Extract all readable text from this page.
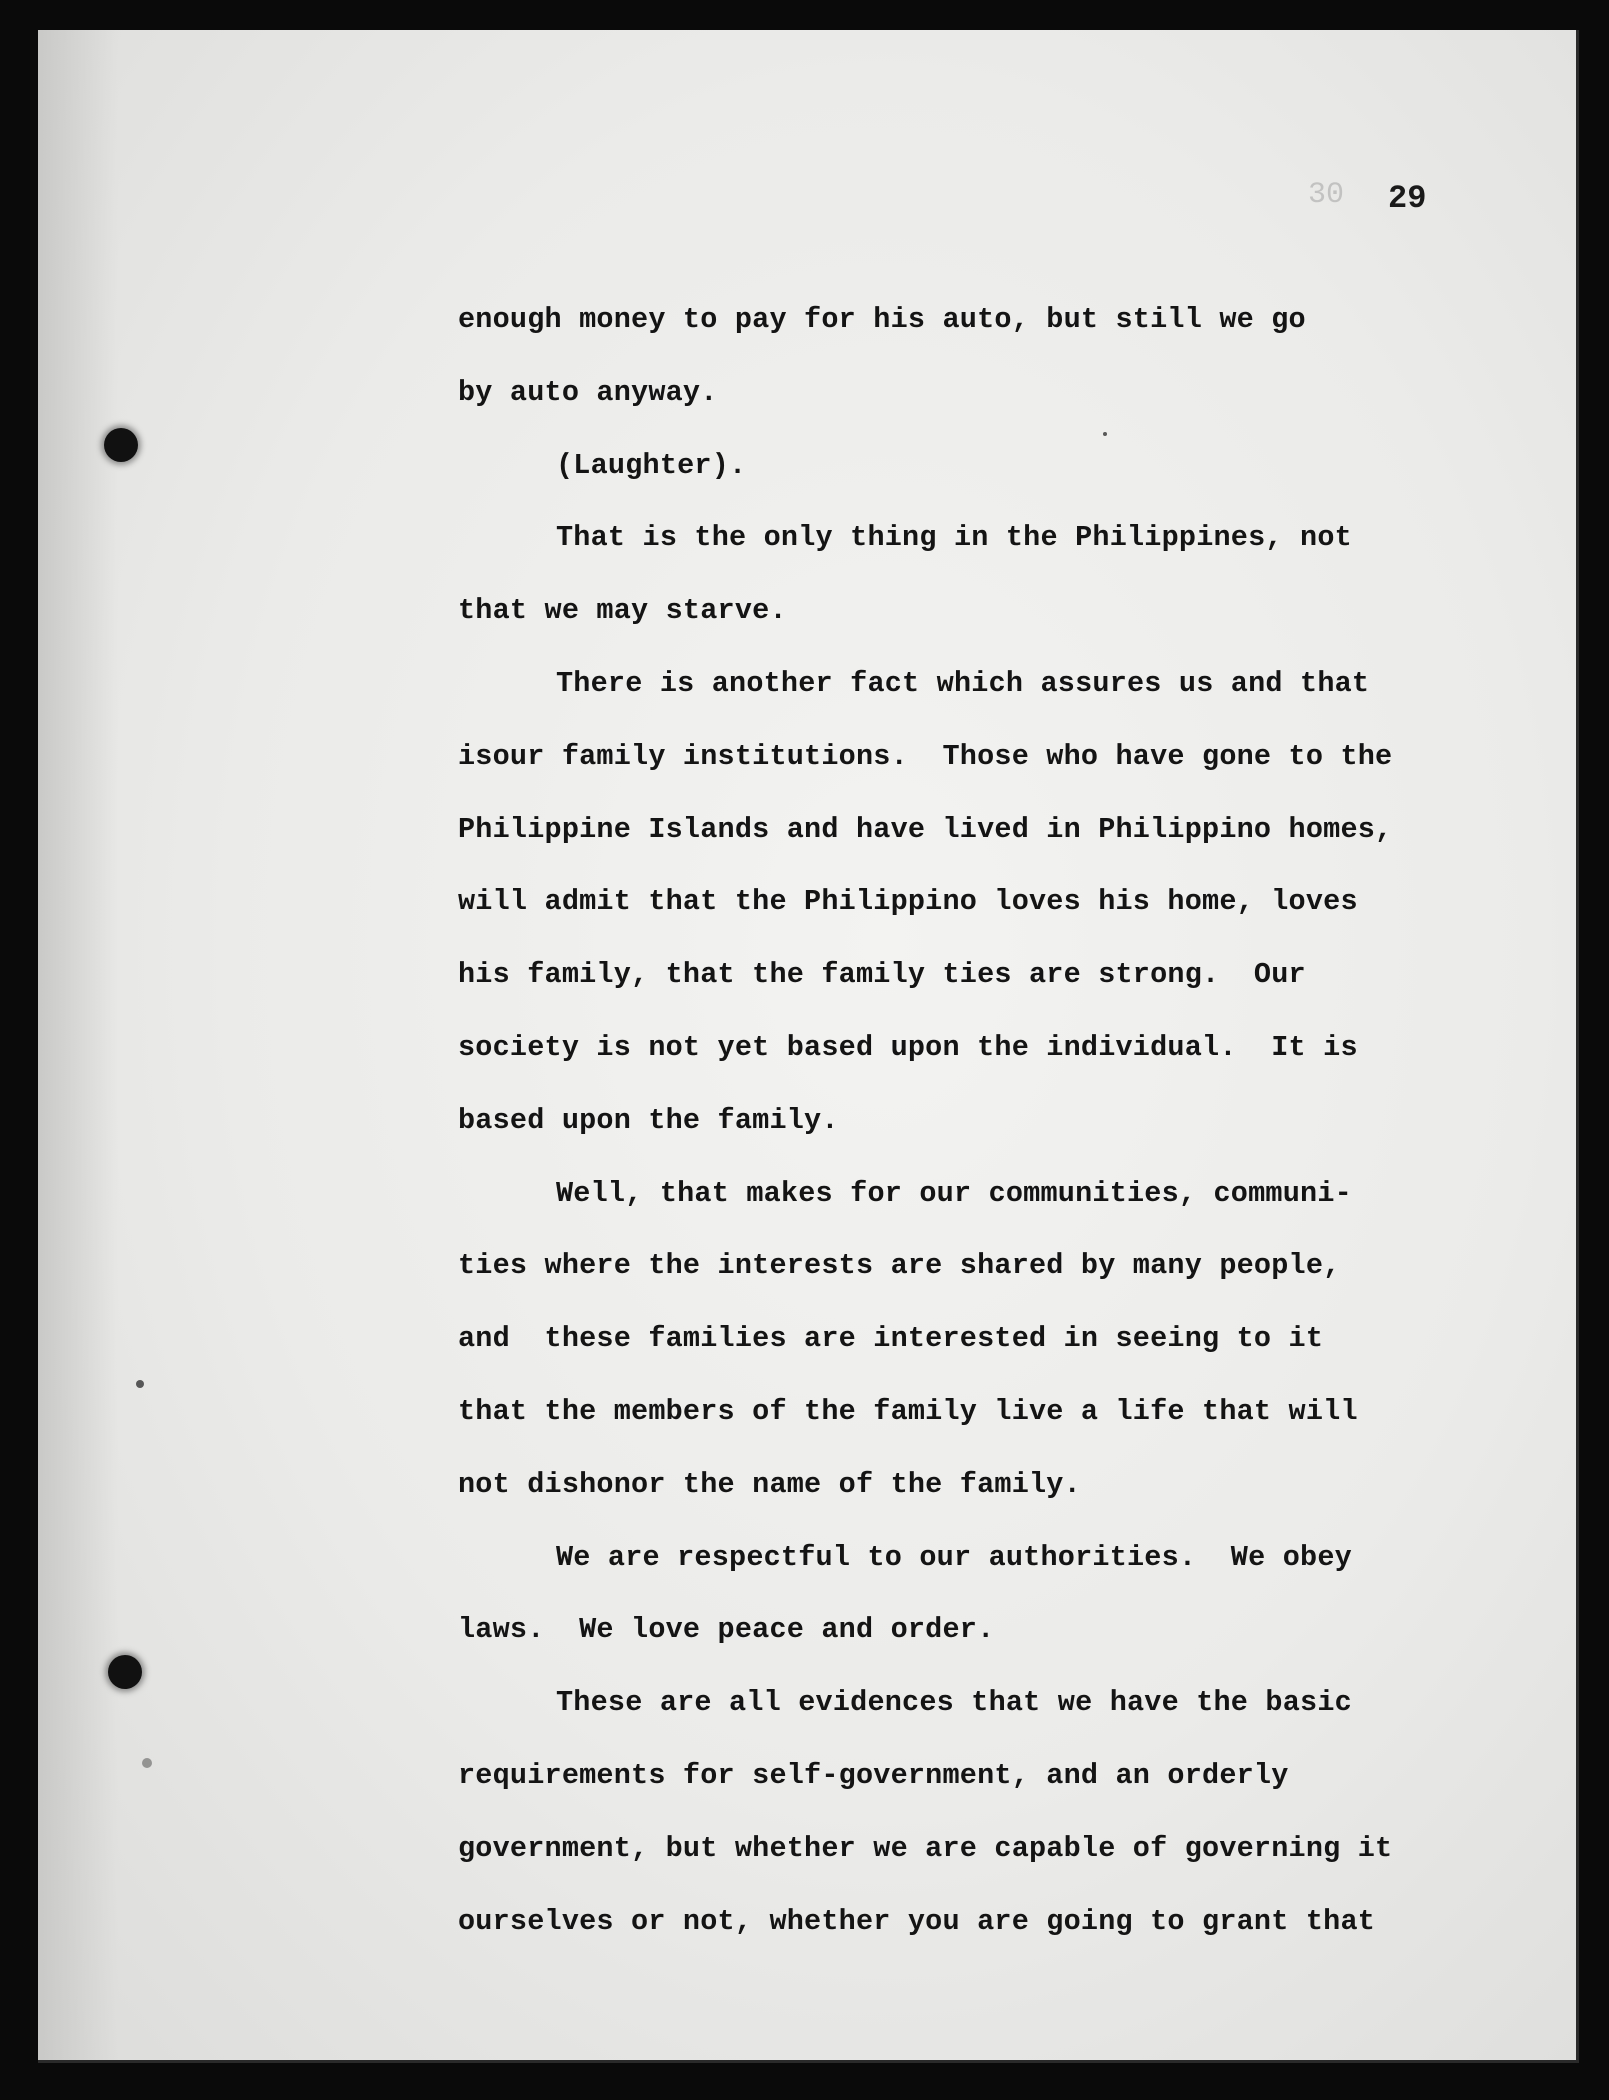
30 29
enough money to pay for his auto, but still we go
by auto anyway.
(Laughter).
That is the only thing in the Philippines, not
that we may starve.
There is another fact which assures us and that
isour family institutions.  Those who have gone to the
Philippine Islands and have lived in Philippino homes,
will admit that the Philippino loves his home, loves
his family, that the family ties are strong.  Our
society is not yet based upon the individual.  It is
based upon the family.
Well, that makes for our communities, communi-
ties where the interests are shared by many people,
and  these families are interested in seeing to it
that the members of the family live a life that will
not dishonor the name of the family.
We are respectful to our authorities.  We obey
laws.  We love peace and order.
These are all evidences that we have the basic
requirements for self-government, and an orderly
government, but whether we are capable of governing it
ourselves or not, whether you are going to grant that
